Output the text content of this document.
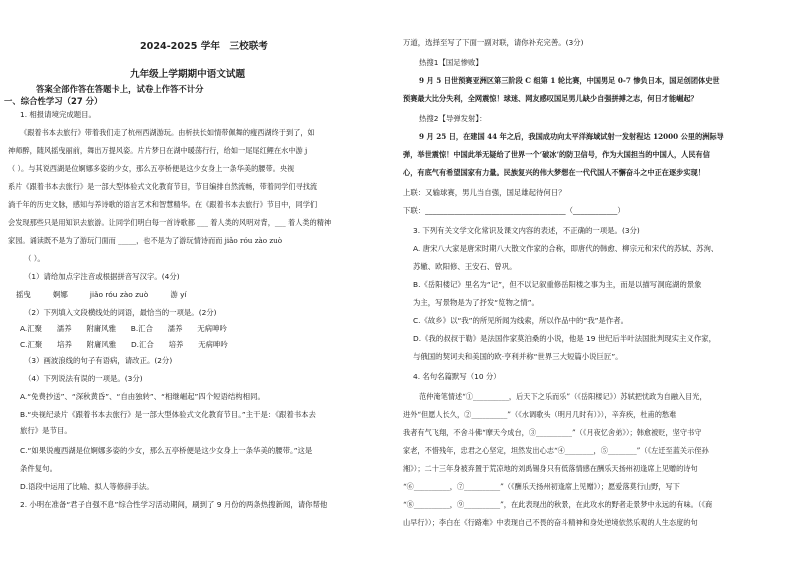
2024-2025 学年　三校联考
九年级上学期期中语文试题
答案全部作答在答题卡上，试卷上作答不计分
一、综合性学习（27 分）
1. 相报请境完成题目。
《跟着书本去旅行》带着我们走了杭州西湖游玩。由析扶长如情带佩舞的瘦西湖终于到了，如
神师醉，随风摇曳丽前，舞出万提风姿。片片梦日在湖中暖荡行行，给如一尾尾红鲤在水中游 j
（ ）。与其说西湖是位婀娜多姿的少女，那么五亭桥便是这少女身上一条华美的腰带。央视
系片《跟着书本去旅行》是一部大型体验式文化教育节目，节目编排自然流畅，带着同学们寻找流
淌千年的历史文脉，感知与养诗歌的语言艺术和智慧精华。在《跟着书本去旅行》节目中，同学们
会发现那些只是用知识去旅游。让同学们明白每一首诗歌都 ___ 着人类的风明对背，___ 着人类的精神
家园。诵读既不是为了游玩门面而 _____，也不是为了游玩情诗而而 jiǎo róu zào zuò
（ ）。
（1）请给加点字注音或根据拼音写汉字。(4分)
摇曳　　　婀娜　　　jiǎo róu zào zuò　　　游 yí
（2）下列填入文段横线处的词语，最恰当的一项是。(2分)
A.汇聚　　濡养　　附庸风雅　　B.汇合　　濡养　　无病呻吟
C.汇聚　　培养　　附庸风雅　　D.汇合　　培养　　无病呻吟
（3）画波浪线的句子有语病，请改正。(2分)
（4）下列说法有误的一项是。(3分)
A.“免费抄送”、“深秋黄昏”、“自由独转”、“相继崛起”四个短语结构相同。
B.“央视纪录片《跟着书本去旅行》是一部大型体验式文化教育节目。”主干是：《跟着书本去
旅行》是节目。
C.“如果说瘦西湖是位婀娜多姿的少女，那么五亭桥便是这少女身上一条华美的腰带。”这是
条件复句。
D.语段中运用了比喻、拟人等修辞手法。
2. 小明在准备“君子自强不息”综合性学习活动期间，刷到了 9 月份的两条热搜新闻，请你帮他
万道，选择至写了下面一副对联，请你补充完善。(3分)
热搜1【国足惨败】
9 月 5 日世预赛亚洲区第三阶段 C 组第 1 轮比赛，中国男足 0-7 惨负日本，国足创团体史世
预赛最大比分失利，全网震惊！球迷、网友感叹国足男儿缺少自强拼搏之志，何日才能崛起？
热搜2【导弹发射】：
9 月 25 日，在建国 44 年之后，我国成功向太平洋海域试射一发射程达 12000 公里的洲际导
弹，举世震惊！中国此举无疑给了世界一个‘破冰’的防卫信号，作为大国担当的中国人，人民有信
心，有底气有希望国家有力量。民族复兴的伟大梦想在一代代国人不懈奋斗之中正在逐步实现！
上联：又输球赛，男儿当自强，国足雄起待何日？
下联：______________________________________（____________）
3. 下列有关文学文化常识及课文内容的表述，不正确的一项是。(3分)
A. 唐宋八大家是唐宋时期八大散文作家的合称，即唐代的韩愈、柳宗元和宋代的苏轼、苏洵、
苏辙、欧阳修、王安石、曾巩。
B.《岳阳楼记》里名为“记”，但不以记叙重修岳阳楼之事为主，而是以描写洞庭湖的景象
为主，写景物是为了抒发“览物之情”。
C.《故乡》以“我”的所见所闻为线索，所以作品中的“我”是作者。
D.《我的叔叔于勒》是法国作家莫泊桑的小说，他是 19 世纪后半叶法国批判现实主义作家，
与俄国的契诃夫和美国的欧·亨利并称“世界三大短篇小说巨匠”。
4. 名句名篇默写（10 分）
范仲淹笔情述“①__________，后天下之乐而乐”（《岳阳楼记》）苏轼把忧政为自融入目光，
进外“但愿人长久，②__________”（《水调歌头（明月几时有）》），辛弃疾，杜甫的愁难
我者有气飞翔，不舍斗佛“摩天今成台，③__________”（《月夜忆舍弟》）；韩愈被贬，坚守书守
家老，不惜残年，忠君之心坚定，坦然发出心志“④________，⑤________”（《左迁至蓝关示侄孙
湘》）；二十三年身被弃置于荒凉地的刘禹锡身只有低落情感在酬乐天扬州初逢席上见赠的诗句
“⑥__________，⑦__________”（《酬乐天扬州初逢席上见赠》）；愿爱落莫行山野，写下
“⑧__________，⑨__________”，在此表现出的秋景，在此攻水的野者走景梦中永远的有味。（《商
山早行》）；李白在《行路难》中表现自己不畏的奋斗精神和身处逆境依然乐观的人生态度的句
